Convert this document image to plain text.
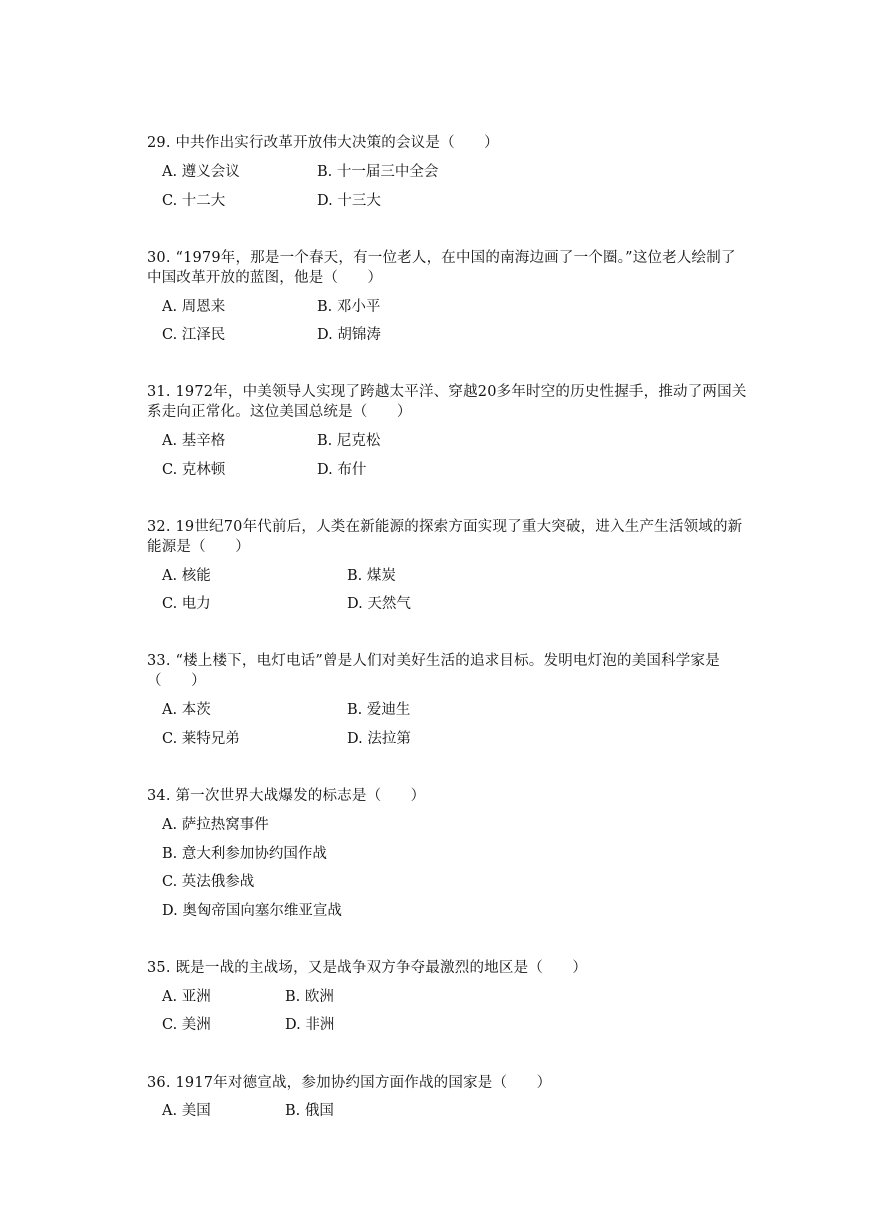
29. 中共作出实行改革开放伟大决策的会议是（　　）

A. 遵义会议	B. 十一届三中全会
C. 十二大	D. 十三大

30. “1979年，那是一个春天，有一位老人，在中国的南海边画了一个圈。”这位老人绘制了中国改革开放的蓝图，他是（　　）

A. 周恩来	B. 邓小平
C. 江泽民	D. 胡锦涛

31. 1972年，中美领导人实现了跨越太平洋、穿越20多年时空的历史性握手，推动了两国关系走向正常化。这位美国总统是（　　）

A. 基辛格	B. 尼克松
C. 克林顿	D. 布什

32. 19世纪70年代前后，人类在新能源的探索方面实现了重大突破，进入生产生活领域的新能源是（　　）

A. 核能	B. 煤炭
C. 电力	D. 天然气

33. “楼上楼下，电灯电话”曾是人们对美好生活的追求目标。发明电灯泡的美国科学家是（　　）

A. 本茨	B. 爱迪生
C. 莱特兄弟	D. 法拉第

34. 第一次世界大战爆发的标志是（　　）

A. 萨拉热窝事件
B. 意大利参加协约国作战
C. 英法俄参战
D. 奥匈帝国向塞尔维亚宣战

35. 既是一战的主战场，又是战争双方争夺最激烈的地区是（　　）

A. 亚洲	B. 欧洲
C. 美洲	D. 非洲

36. 1917年对德宣战，参加协约国方面作战的国家是（　　）

A. 美国	B. 俄国
